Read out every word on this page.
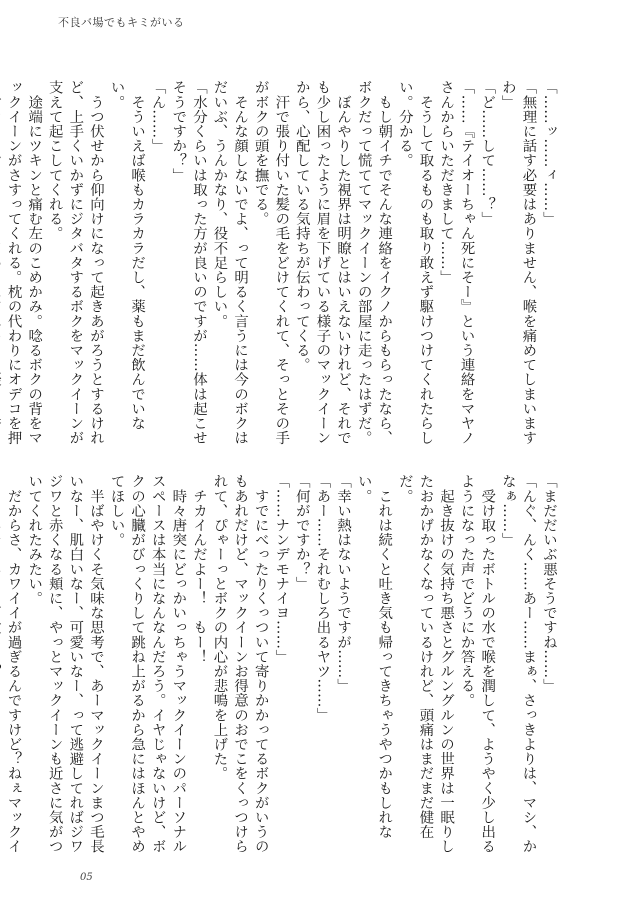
不良バ場でもキミがいる

「……ッ……ィ……」

「無理に話す必要はありません、喉を痛めてしまいますわ」

「ど……して……？」

「……『テイオーちゃん死にそー』という連絡をマヤノさんからいただきまして……」

　そうして取るものも取り敢えず駆けつけてくれたらしい。分かる。

　もし朝イチでそんな連絡をイクノからもらったなら、ボクだって慌ててマックイーンの部屋に走ったはずだ。

　ぼんやりした視界は明瞭とはいえないけれど、それでも少し困ったように眉を下げている様子のマックイーンから、心配している気持ちが伝わってくる。

　汗で張り付いた髪の毛をどけてくれて、そっとその手がボクの頭を撫でる。

　そんな顔しないでよ、って明るく言うには今のボクはだいぶ、うんかなり、役不足らしい。

「水分くらいは取った方が良いのですが……体は起こせそうですか？」

「ん……」

　そういえば喉もカラカラだし、薬もまだ飲んでいない。

　うつ伏せから仰向けになって起きあがろうとするけれど、上手くいかずにジタバタするボクをマックイーンが支えて起こしてくれる。

　途端にツキンと痛む左のこめかみ。唸るボクの背をマックイーンがさすってくれる。枕の代わりにオデコを押

「まだだいぶ悪そうですね……」

「んぐ、んく……あー……まぁ、さっきよりは、マシ、かなぁ……」

　受け取ったボトルの水で喉を潤して、ようやく少し出るようになった声でどうにか答える。

　起き抜けの気持ち悪さとグルングルンの世界は一眠りしたおかげかなくなっているけれど、頭痛はまだまだ健在だ。

　これは続くと吐き気も帰ってきちゃうやつかもしれない。

「幸い熱はないようですが……」

「あー……それむしろ出るヤツ……」

「何がですか？」

「……ナンデモナイヨ……」

　すでにべったりくっついて寄りかかってるボクがいうのもあれだけど、マックイーンお得意のおでこをくっつけられて、ぴゃーっとボクの内心が悲鳴を上げた。

　チカイんだよー！　もー！

　時々唐突にどっかいっちゃうマックイーンのパーソナルスペースは本当になんなんだろう。イヤじゃないけど、ボクの心臓がびっくりして跳ね上がるから急にはほんとやめてほしい。

　半ばやけくそ気味な思考で、あーマックイーンまつ毛長いなー、肌白いなー、可愛いなー、って逃避してればジワジワと赤くなる頬に、やっとマックイーンも近さに気がついてくれたみたい。

　だからさ、カワイイが過ぎるんですけど？ねぇマックイ

05
